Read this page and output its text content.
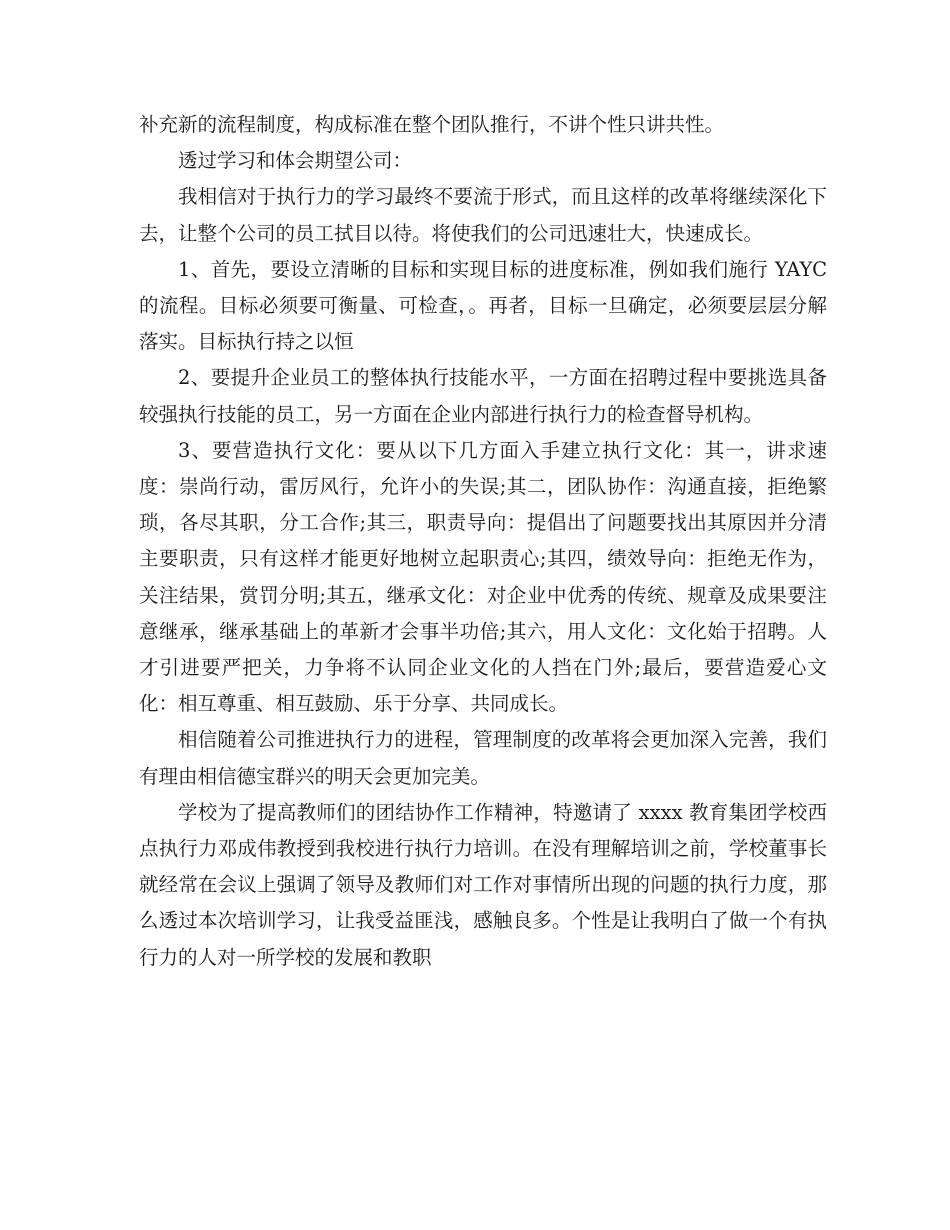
补充新的流程制度，构成标准在整个团队推行，不讲个性只讲共性。

透过学习和体会期望公司：

我相信对于执行力的学习最终不要流于形式，而且这样的改革将继续深化下去，让整个公司的员工拭目以待。将使我们的公司迅速壮大，快速成长。

1、首先，要设立清晰的目标和实现目标的进度标准，例如我们施行 YAYC 的流程。目标必须要可衡量、可检查，。再者，目标一旦确定，必须要层层分解落实。目标执行持之以恒

2、要提升企业员工的整体执行技能水平，一方面在招聘过程中要挑选具备较强执行技能的员工，另一方面在企业内部进行执行力的检查督导机构。

3、要营造执行文化：要从以下几方面入手建立执行文化：其一，讲求速度：崇尚行动，雷厉风行，允许小的失误;其二，团队协作：沟通直接，拒绝繁琐，各尽其职，分工合作;其三，职责导向：提倡出了问题要找出其原因并分清主要职责，只有这样才能更好地树立起职责心;其四，绩效导向：拒绝无作为，关注结果，赏罚分明;其五，继承文化：对企业中优秀的传统、规章及成果要注意继承，继承基础上的革新才会事半功倍;其六，用人文化：文化始于招聘。人才引进要严把关，力争将不认同企业文化的人挡在门外;最后，要营造爱心文化：相互尊重、相互鼓励、乐于分享、共同成长。

相信随着公司推进执行力的进程，管理制度的改革将会更加深入完善，我们有理由相信德宝群兴的明天会更加完美。

学校为了提高教师们的团结协作工作精神，特邀请了 xxxx 教育集团学校西点执行力邓成伟教授到我校进行执行力培训。在没有理解培训之前，学校董事长就经常在会议上强调了领导及教师们对工作对事情所出现的问题的执行力度，那么透过本次培训学习，让我受益匪浅，感触良多。个性是让我明白了做一个有执行力的人对一所学校的发展和教职
